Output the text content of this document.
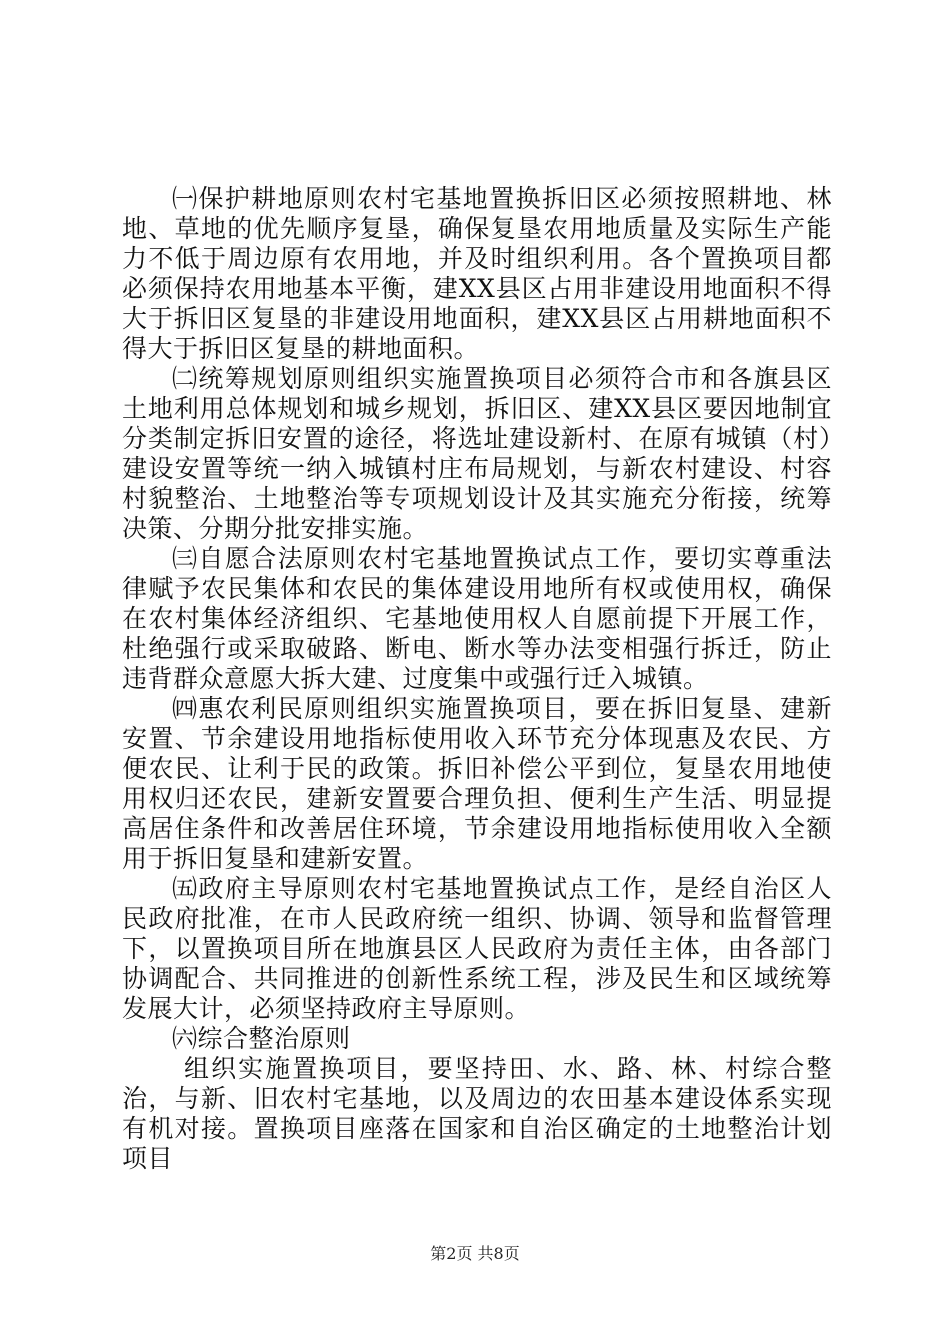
㈠保护耕地原则农村宅基地置换拆旧区必须按照耕地、林地、草地的优先顺序复垦，确保复垦农用地质量及实际生产能力不低于周边原有农用地，并及时组织利用。各个置换项目都必须保持农用地基本平衡，建XX县区占用非建设用地面积不得大于拆旧区复垦的非建设用地面积，建XX县区占用耕地面积不得大于拆旧区复垦的耕地面积。

㈡统筹规划原则组织实施置换项目必须符合市和各旗县区土地利用总体规划和城乡规划，拆旧区、建XX县区要因地制宜分类制定拆旧安置的途径，将选址建设新村、在原有城镇（村）建设安置等统一纳入城镇村庄布局规划，与新农村建设、村容村貌整治、土地整治等专项规划设计及其实施充分衔接，统筹决策、分期分批安排实施。

㈢自愿合法原则农村宅基地置换试点工作，要切实尊重法律赋予农民集体和农民的集体建设用地所有权或使用权，确保在农村集体经济组织、宅基地使用权人自愿前提下开展工作，杜绝强行或采取破路、断电、断水等办法变相强行拆迁，防止违背群众意愿大拆大建、过度集中或强行迁入城镇。

㈣惠农利民原则组织实施置换项目，要在拆旧复垦、建新安置、节余建设用地指标使用收入环节充分体现惠及农民、方便农民、让利于民的政策。拆旧补偿公平到位，复垦农用地使用权归还农民，建新安置要合理负担、便利生产生活、明显提高居住条件和改善居住环境，节余建设用地指标使用收入全额用于拆旧复垦和建新安置。

㈤政府主导原则农村宅基地置换试点工作，是经自治区人民政府批准，在市人民政府统一组织、协调、领导和监督管理下，以置换项目所在地旗县区人民政府为责任主体，由各部门协调配合、共同推进的创新性系统工程，涉及民生和区域统筹发展大计，必须坚持政府主导原则。

㈥综合整治原则

组织实施置换项目，要坚持田、水、路、林、村综合整治，与新、旧农村宅基地，以及周边的农田基本建设体系实现有机对接。置换项目座落在国家和自治区确定的土地整治计划项目

第2页 共8页
